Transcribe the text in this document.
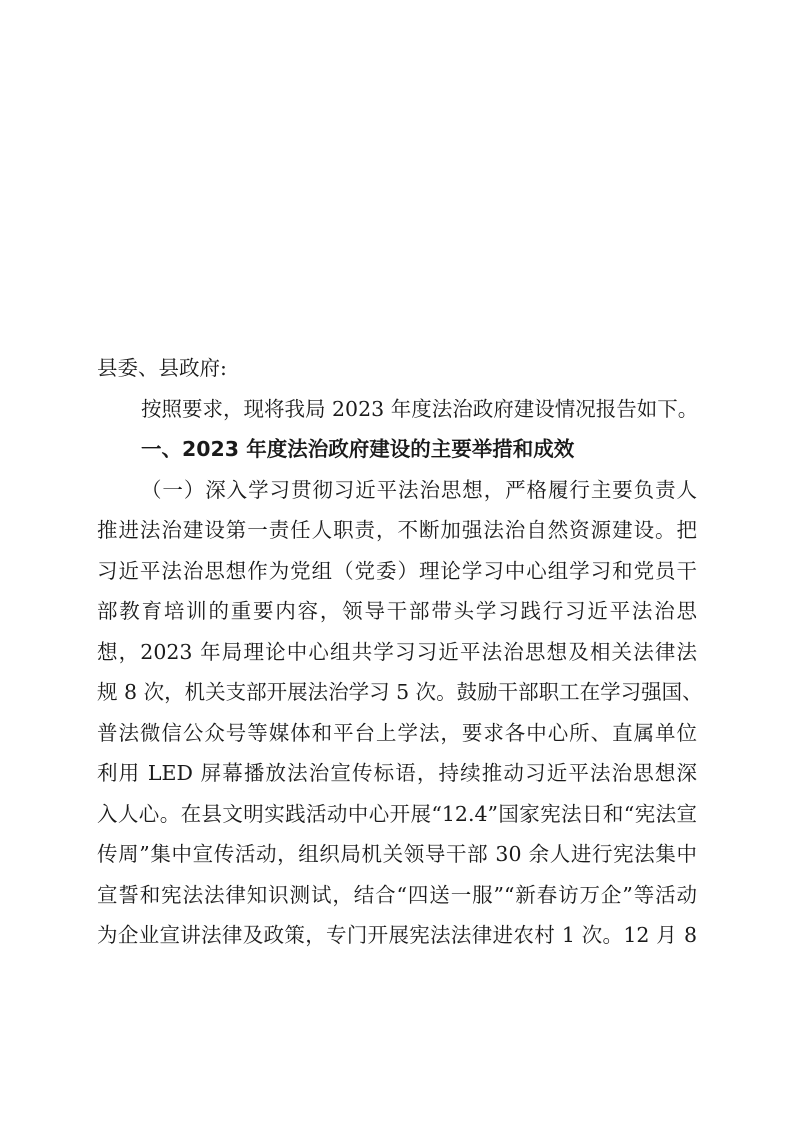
县委、县政府:
按照要求，现将我局 2023 年度法治政府建设情况报告如下。
一、2023 年度法治政府建设的主要举措和成效
（一）深入学习贯彻习近平法治思想，严格履行主要负责人
推进法治建设第一责任人职责，不断加强法治自然资源建设。把
习近平法治思想作为党组（党委）理论学习中心组学习和党员干
部教育培训的重要内容，领导干部带头学习践行习近平法治思
想，2023 年局理论中心组共学习习近平法治思想及相关法律法
规 8 次，机关支部开展法治学习 5 次。鼓励干部职工在学习强国、
普法微信公众号等媒体和平台上学法，要求各中心所、直属单位
利用 LED 屏幕播放法治宣传标语，持续推动习近平法治思想深
入人心。在县文明实践活动中心开展“12.4”国家宪法日和“宪法宣
传周”集中宣传活动，组织局机关领导干部 30 余人进行宪法集中
宣誓和宪法法律知识测试，结合“四送一服”“新春访万企”等活动
为企业宣讲法律及政策，专门开展宪法法律进农村 1 次。12 月 8
